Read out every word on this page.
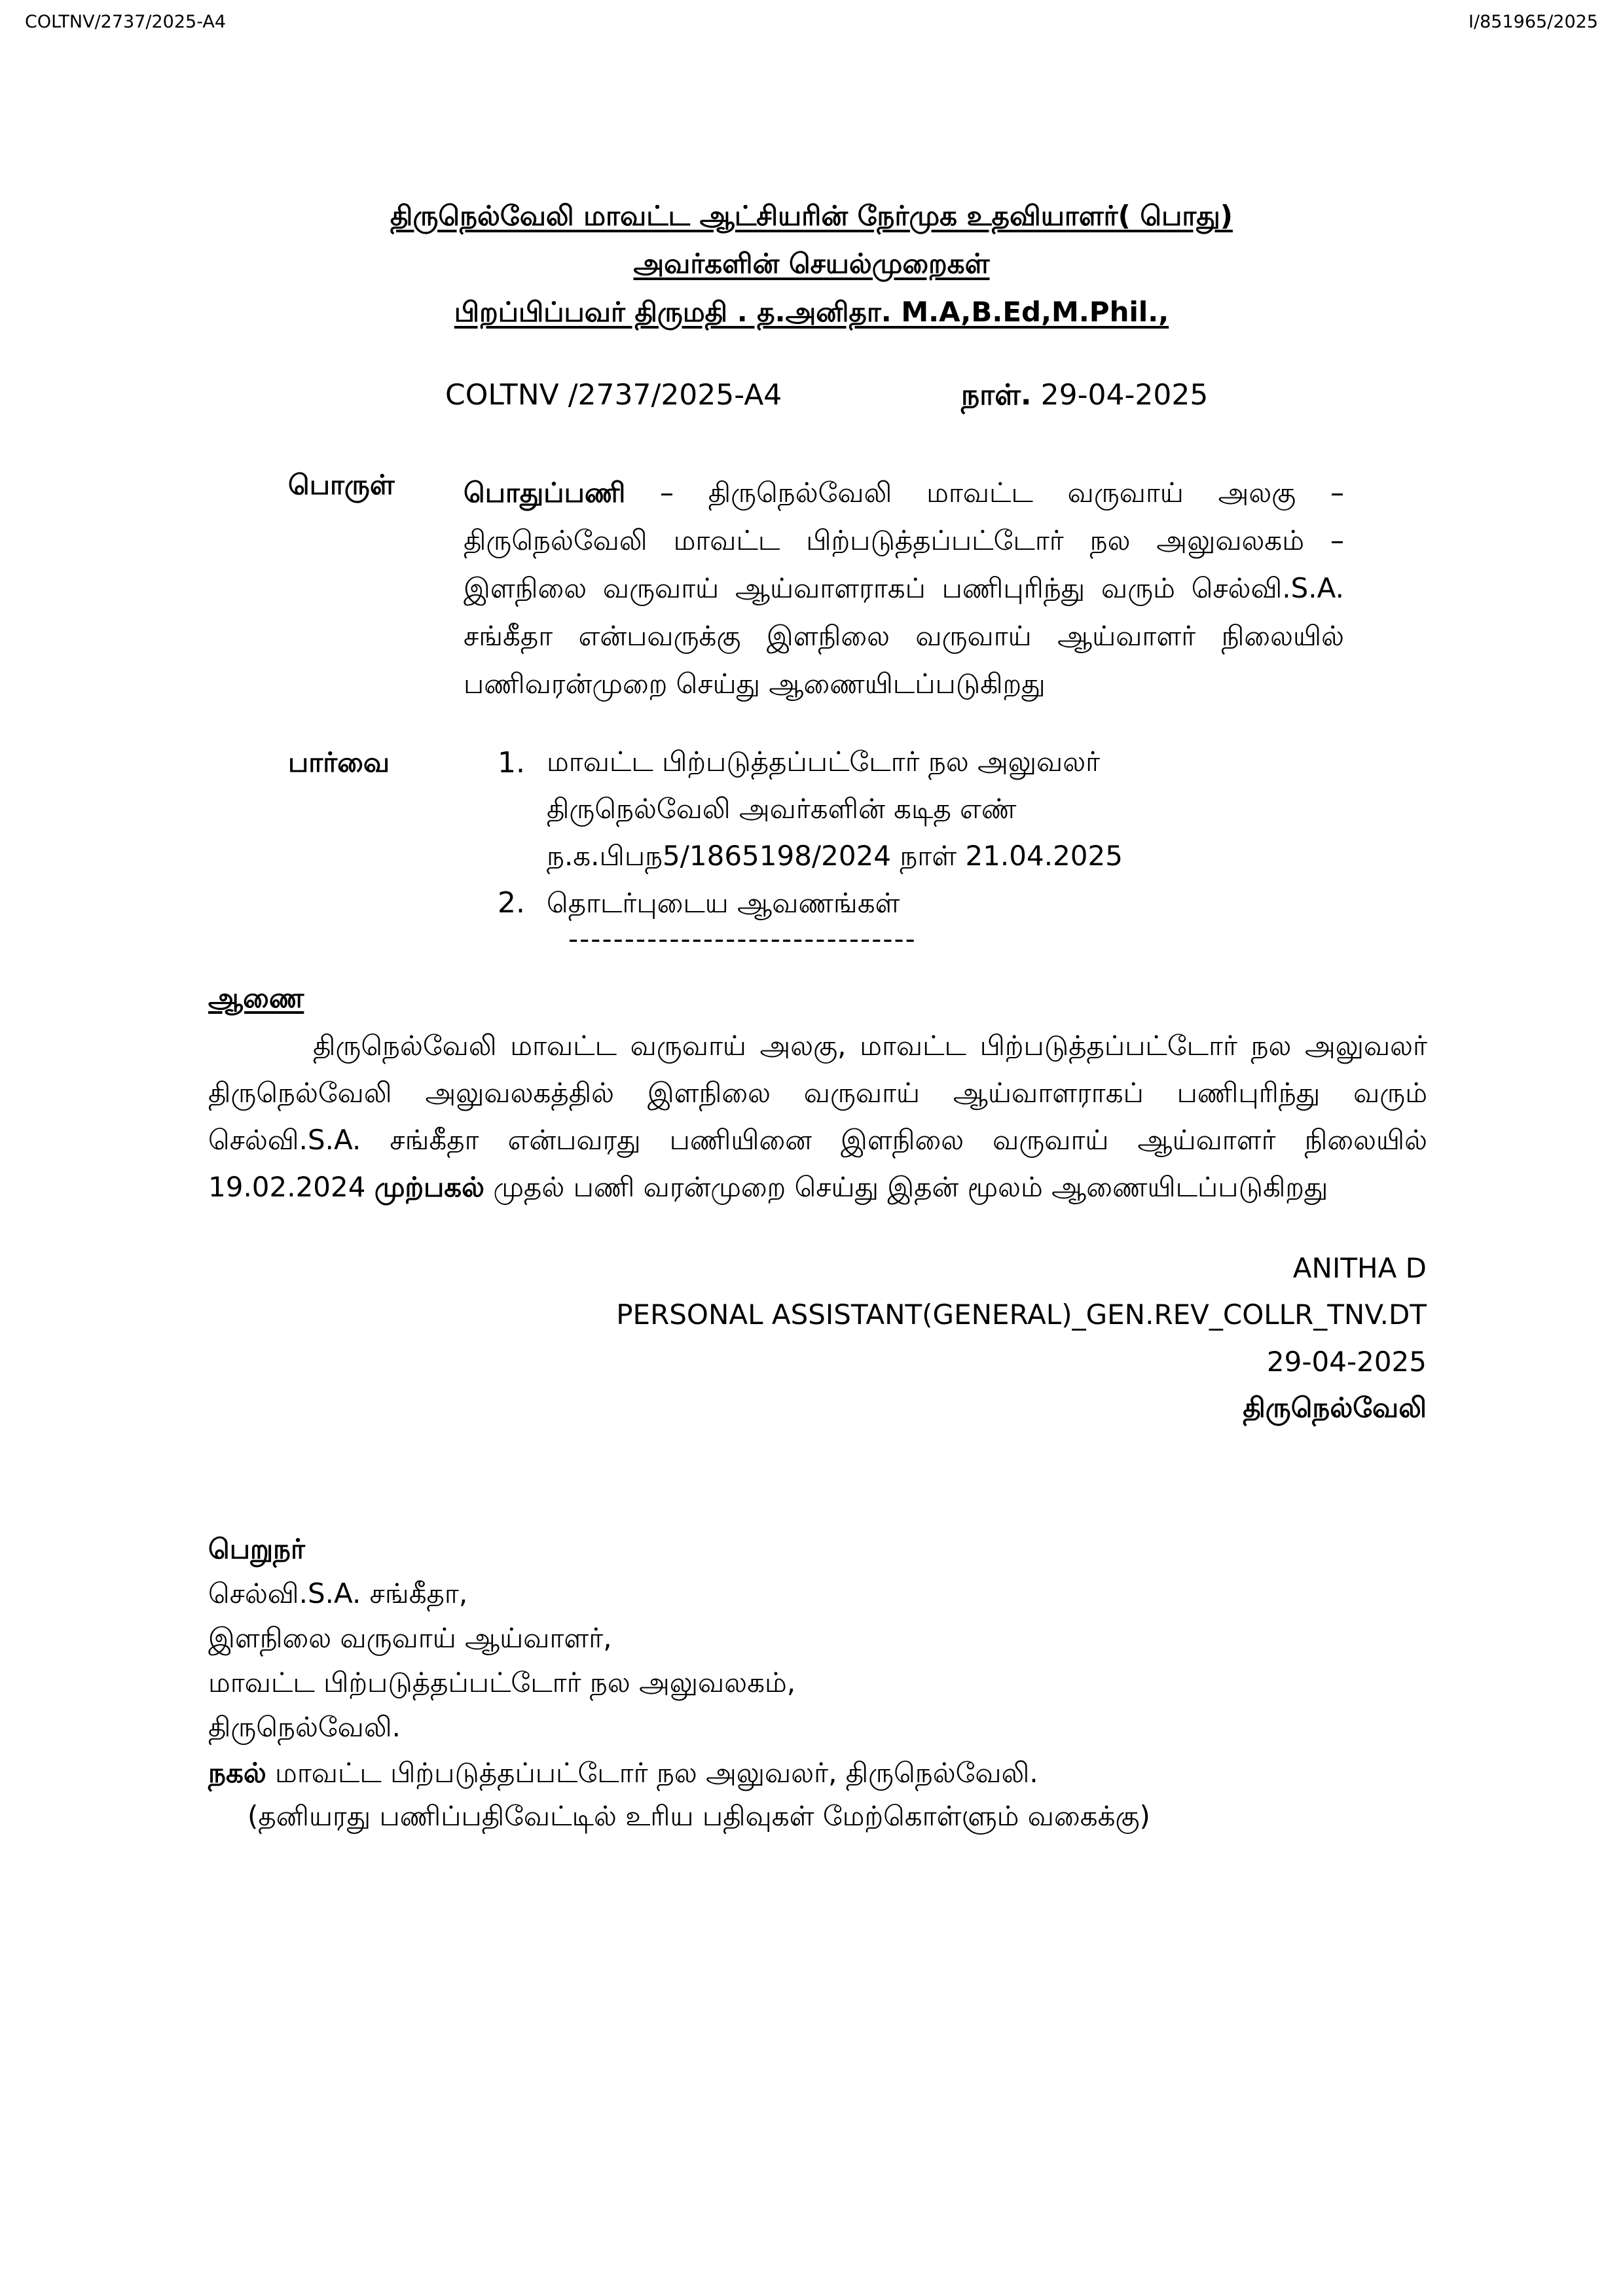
COLTNV/2737/2025-A4	I/851965/2025
திருநெல்வேலி மாவட்ட ஆட்சியரின் நேர்முக உதவியாளர்( பொது)
அவர்களின் செயல்முறைகள்
பிறப்பிப்பவர் திருமதி . த.அனிதா. M.A,B.Ed,M.Phil.,
COLTNV /2737/2025-A4	நாள். 29-04-2025
பொருள்	பொதுப்பணி – திருநெல்வேலி மாவட்ட வருவாய் அலகு – திருநெல்வேலி மாவட்ட பிற்படுத்தப்பட்டோர் நல அலுவலகம் – இளநிலை வருவாய் ஆய்வாளராகப் பணிபுரிந்து வரும் செல்வி.S.A. சங்கீதா என்பவருக்கு இளநிலை வருவாய் ஆய்வாளர் நிலையில் பணிவரன்முறை செய்து ஆணையிடப்படுகிறது
பார்வை	1. மாவட்ட பிற்படுத்தப்பட்டோர் நல அலுவலர்
திருநெல்வேலி அவர்களின் கடித எண்
ந.க.பிபந5/1865198/2024 நாள் 21.04.2025
2. தொடர்புடைய ஆவணங்கள்
-------------------------------
ஆணை
திருநெல்வேலி மாவட்ட வருவாய் அலகு, மாவட்ட பிற்படுத்தப்பட்டோர் நல அலுவலர் திருநெல்வேலி அலுவலகத்தில் இளநிலை வருவாய் ஆய்வாளராகப் பணிபுரிந்து வரும் செல்வி.S.A. சங்கீதா என்பவரது பணியினை இளநிலை வருவாய் ஆய்வாளர் நிலையில் 19.02.2024 முற்பகல் முதல் பணி வரன்முறை செய்து இதன் மூலம் ஆணையிடப்படுகிறது
ANITHA D
PERSONAL ASSISTANT(GENERAL)_GEN.REV_COLLR_TNV.DT
29-04-2025
திருநெல்வேலி
பெறுநர்
செல்வி.S.A. சங்கீதா,
இளநிலை வருவாய் ஆய்வாளர்,
மாவட்ட பிற்படுத்தப்பட்டோர் நல அலுவலகம்,
திருநெல்வேலி.
நகல் மாவட்ட பிற்படுத்தப்பட்டோர் நல அலுவலர், திருநெல்வேலி.
(தனியரது பணிப்பதிவேட்டில் உரிய பதிவுகள் மேற்கொள்ளும் வகைக்கு)
